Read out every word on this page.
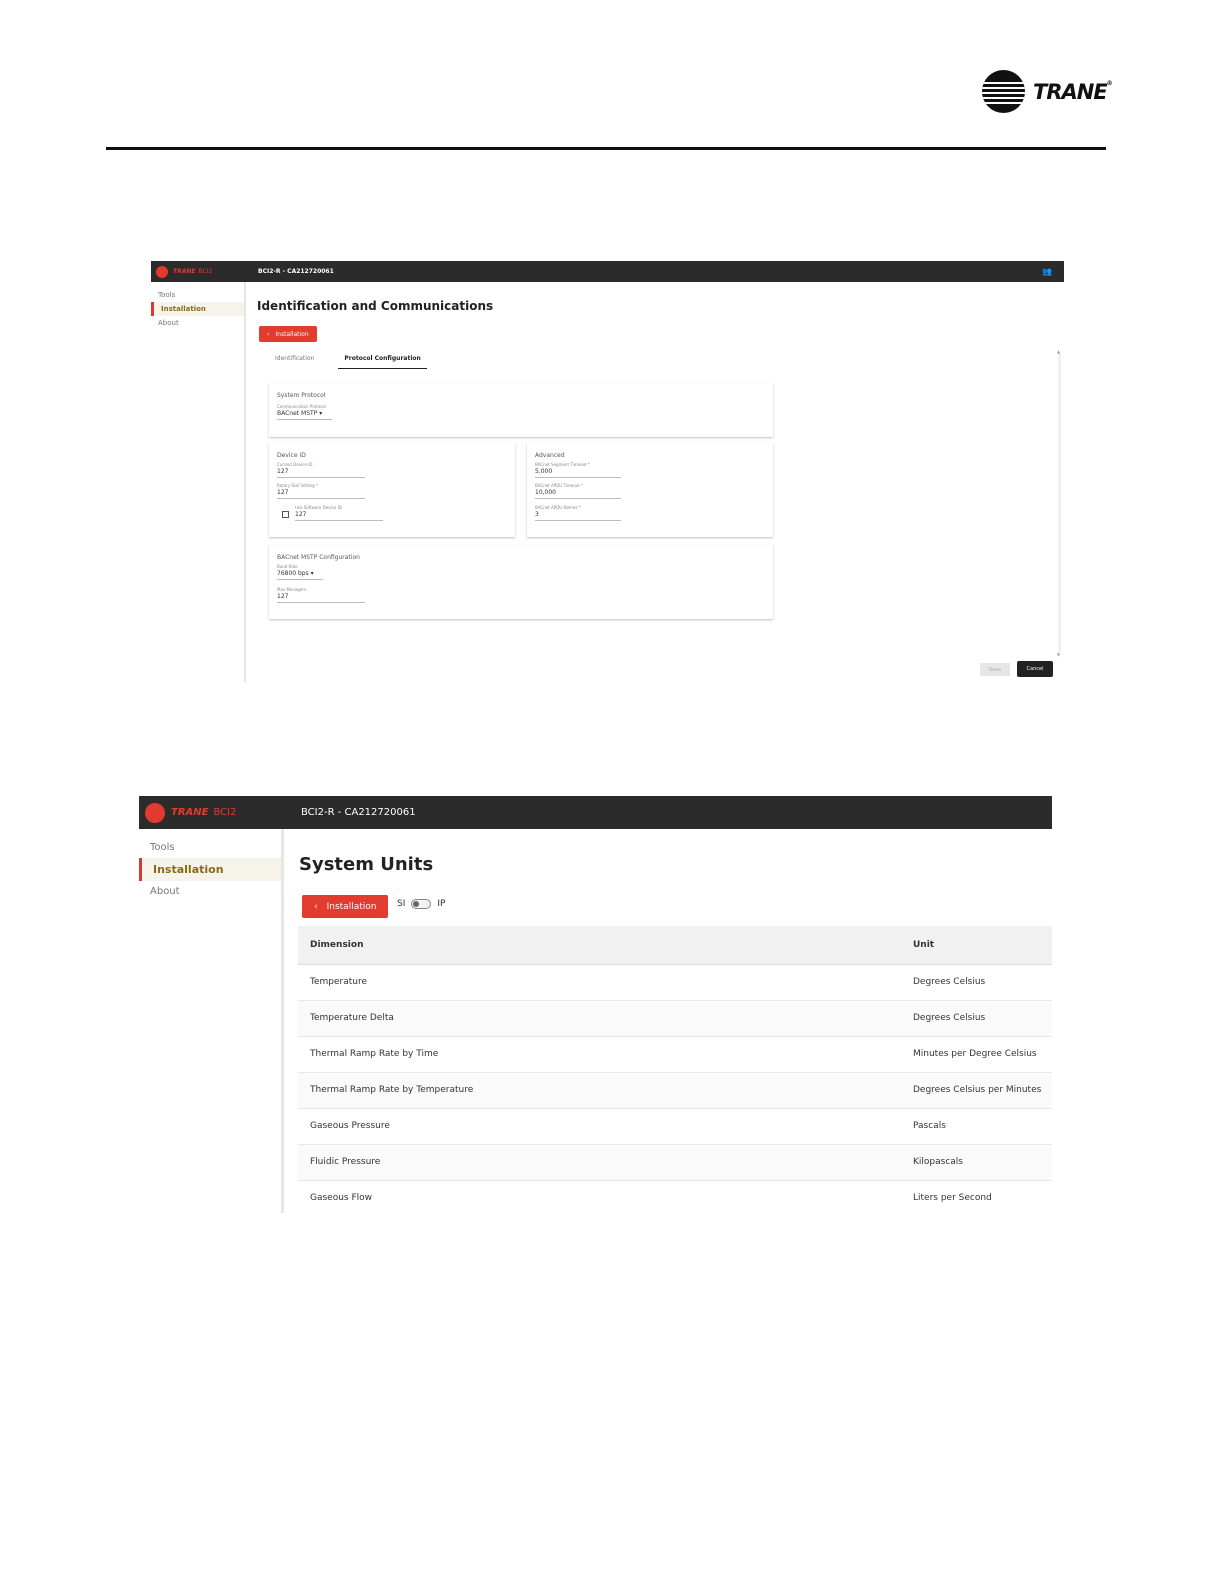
TRANE®
TRANE BCI2	BCI2-R - CA212720061	👥
Tools
Installation
About
Identification and Communications
‹ Installation
Identification	Protocol Configuration
System Protocol
Communication Protocol
BACnet MSTP ▾
Device ID
Current Device ID
127
Rotary Dial Setting *
127
Use Software Device ID
127
Advanced
BACnet Segment Timeout *
5,000
BACnet APDU Timeout *
10,000
BACnet APDU Retries *
3
BACnet MSTP Configuration
Baud Rate
76800 bps ▾
Max Managers
127
▲ ▼
Save	Cancel
TRANE BCI2	BCI2-R - CA212720061
Tools
Installation
About
System Units
‹ Installation SI	IP
Dimension	Unit
Temperature	Degrees Celsius
Temperature Delta	Degrees Celsius
Thermal Ramp Rate by Time	Minutes per Degree Celsius
Thermal Ramp Rate by Temperature	Degrees Celsius per Minutes
Gaseous Pressure	Pascals
Fluidic Pressure	Kilopascals
Gaseous Flow	Liters per Second
